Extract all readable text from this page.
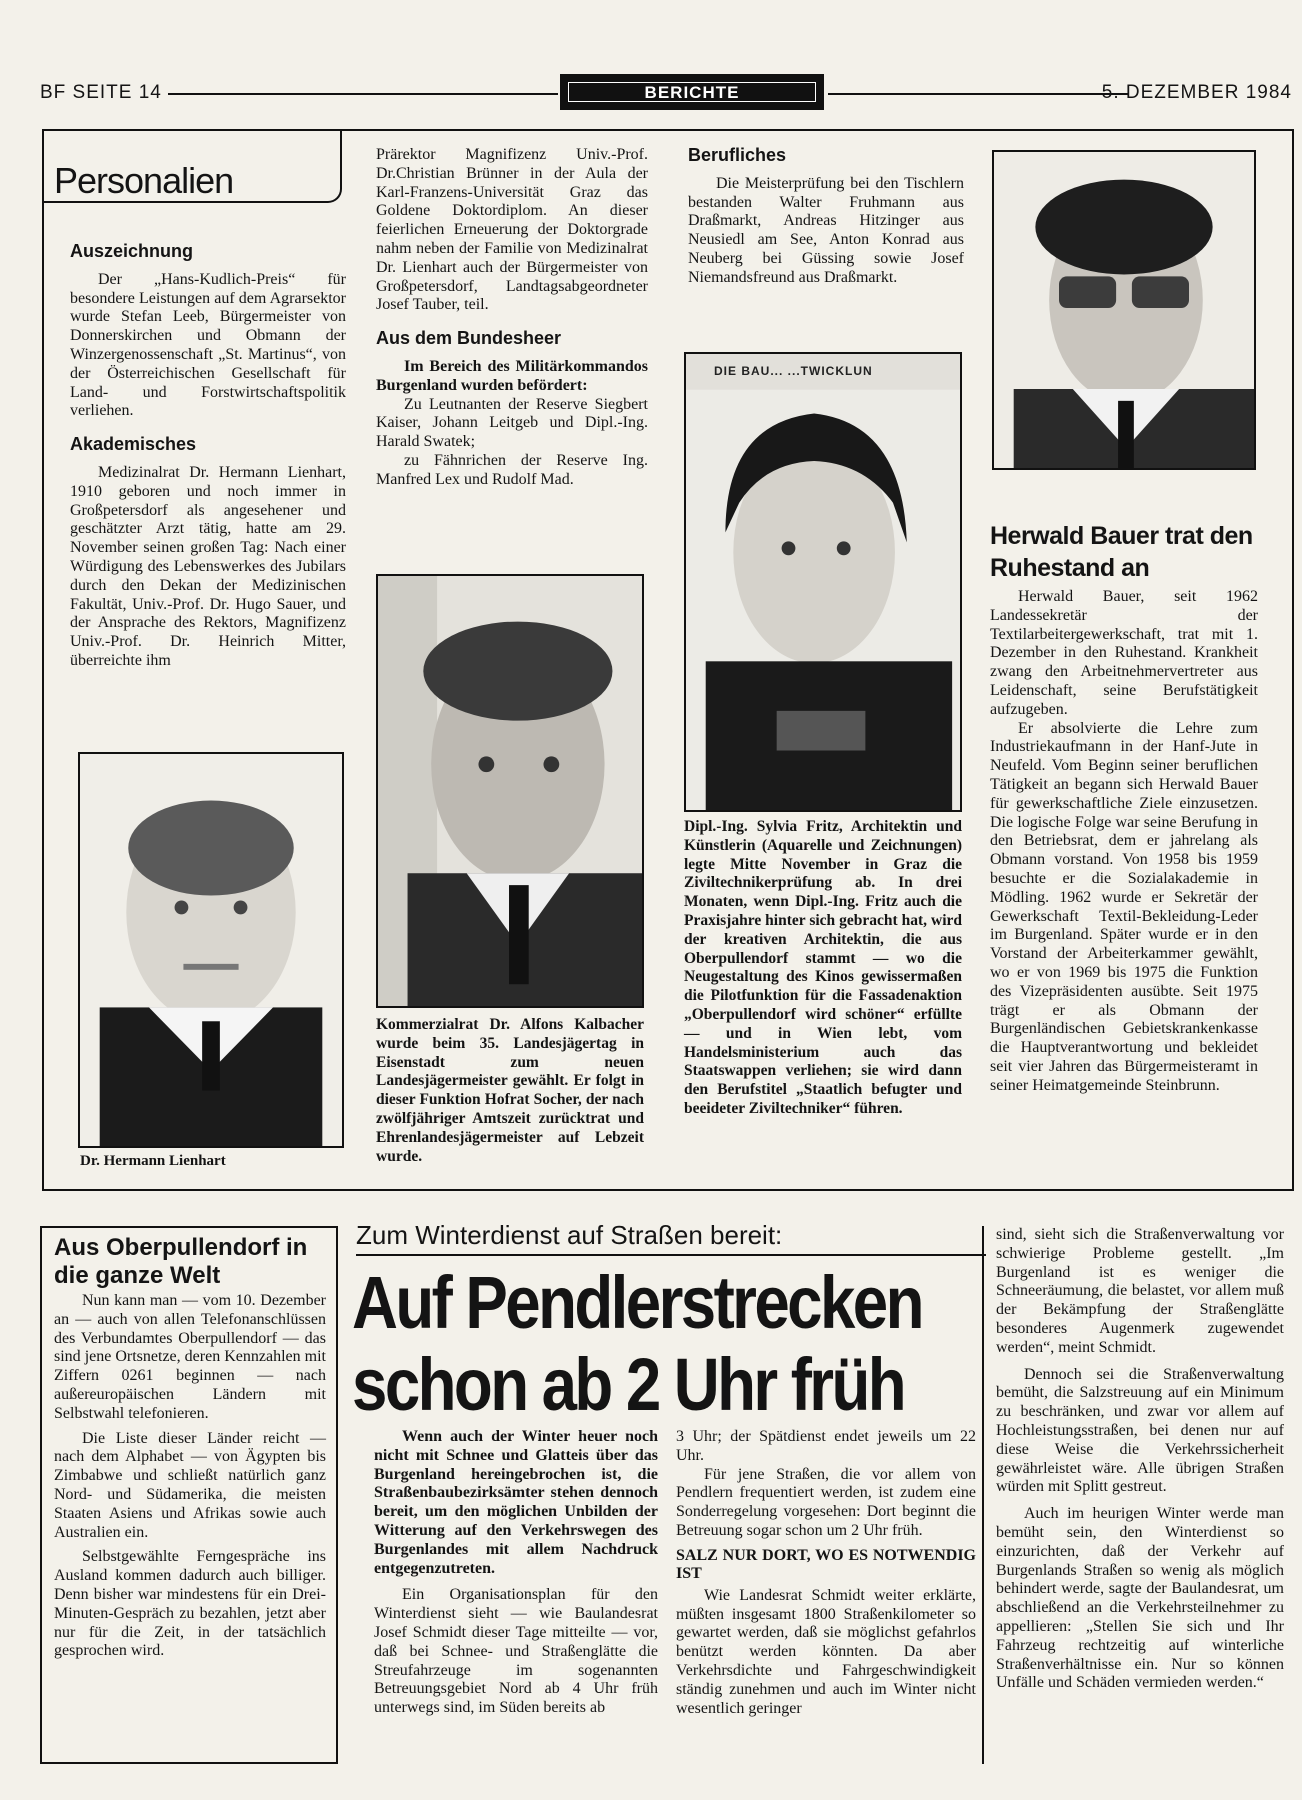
BF SEITE 14	BERICHTE	5. DEZEMBER 1984
Personalien
Auszeichnung

Der „Hans-Kudlich-Preis“ für besondere Leistungen auf dem Agrarsektor wurde Stefan Leeb, Bürgermeister von Donnerskirchen und Obmann der Winzergenossenschaft „St. Martinus“, von der Österreichischen Gesellschaft für Land- und Forstwirtschaftspolitik verliehen.

Akademisches

Medizinalrat Dr. Hermann Lienhart, 1910 geboren und noch immer in Großpetersdorf als angesehener und geschätzter Arzt tätig, hatte am 29. November seinen großen Tag: Nach einer Würdigung des Lebenswerkes des Jubilars durch den Dekan der Medizinischen Fakultät, Univ.-Prof. Dr. Hugo Sauer, und der Ansprache des Rektors, Magnifizenz Univ.-Prof. Dr. Heinrich Mitter, überreichte ihm

Dr. Hermann Lienhart

Prärektor Magnifizenz Univ.-Prof. Dr.Christian Brünner in der Aula der Karl-Franzens-Universität Graz das Goldene Doktordiplom. An dieser feierlichen Erneuerung der Doktorgrade nahm neben der Familie von Medizinalrat Dr. Lienhart auch der Bürgermeister von Großpetersdorf, Landtagsabgeordneter Josef Tauber, teil.

Aus dem Bundesheer

Im Bereich des Militärkommandos Burgenland wurden befördert:

Zu Leutnanten der Reserve Siegbert Kaiser, Johann Leitgeb und Dipl.-Ing. Harald Swatek;

zu Fähnrichen der Reserve Ing. Manfred Lex und Rudolf Mad.

Kommerzialrat Dr. Alfons Kalbacher wurde beim 35. Landesjägertag in Eisenstadt zum neuen Landesjägermeister gewählt. Er folgt in dieser Funktion Hofrat Socher, der nach zwölfjähriger Amtszeit zurücktrat und Ehrenlandesjägermeister auf Lebzeit wurde.
Berufliches

Die Meisterprüfung bei den Tischlern bestanden Walter Fruhmann aus Draßmarkt, Andreas Hitzinger aus Neusiedl am See, Anton Konrad aus Neuberg bei Güssing sowie Josef Niemandsfreund aus Draßmarkt.

DIE BAU... ...TWICKLUN
Dipl.-Ing. Sylvia Fritz, Architektin und Künstlerin (Aquarelle und Zeichnungen) legte Mitte November in Graz die Ziviltechnikerprüfung ab. In drei Monaten, wenn Dipl.-Ing. Fritz auch die Praxisjahre hinter sich gebracht hat, wird der kreativen Architektin, die aus Oberpullendorf stammt — wo die Neugestaltung des Kinos gewissermaßen die Pilotfunktion für die Fassadenaktion „Oberpullendorf wird schöner“ erfüllte — und in Wien lebt, vom Handelsministerium auch das Staatswappen verliehen; sie wird dann den Berufstitel „Staatlich befugter und beeideter Ziviltechniker“ führen.
Herwald Bauer trat den Ruhestand an

Herwald Bauer, seit 1962 Landessekretär der Textilarbeitergewerkschaft, trat mit 1. Dezember in den Ruhestand. Krankheit zwang den Arbeitnehmervertreter aus Leidenschaft, seine Berufstätigkeit aufzugeben.

Er absolvierte die Lehre zum Industriekaufmann in der Hanf-Jute in Neufeld. Vom Beginn seiner beruflichen Tätigkeit an begann sich Herwald Bauer für gewerkschaftliche Ziele einzusetzen. Die logische Folge war seine Berufung in den Betriebsrat, dem er jahrelang als Obmann vorstand. Von 1958 bis 1959 besuchte er die Sozialakademie in Mödling. 1962 wurde er Sekretär der Gewerkschaft Textil-Bekleidung-Leder im Burgenland. Später wurde er in den Vorstand der Arbeiterkammer gewählt, wo er von 1969 bis 1975 die Funktion des Vizepräsidenten ausübte. Seit 1975 trägt er als Obmann der Burgenländischen Gebietskrankenkasse die Hauptverantwortung und bekleidet seit vier Jahren das Bürgermeisteramt in seiner Heimatgemeinde Steinbrunn.

Aus Oberpullendorf in die ganze Welt

Nun kann man — vom 10. Dezember an — auch von allen Telefonanschlüssen des Verbundamtes Oberpullendorf — das sind jene Ortsnetze, deren Kennzahlen mit Ziffern 0261 beginnen — nach außereuropäischen Ländern mit Selbstwahl telefonieren.

Die Liste dieser Länder reicht — nach dem Alphabet — von Ägypten bis Zimbabwe und schließt natürlich ganz Nord- und Südamerika, die meisten Staaten Asiens und Afrikas sowie auch Australien ein.

Selbstgewählte Ferngespräche ins Ausland kommen dadurch auch billiger. Denn bisher war mindestens für ein Drei-Minuten-Gespräch zu bezahlen, jetzt aber nur für die Zeit, in der tatsächlich gesprochen wird.

Zum Winterdienst auf Straßen bereit:
Auf Pendlerstrecken
schon ab 2 Uhr früh

Wenn auch der Winter heuer noch nicht mit Schnee und Glatteis über das Burgenland hereingebrochen ist, die Straßenbaubezirksämter stehen dennoch bereit, um den möglichen Unbilden der Witterung auf den Verkehrswegen des Burgenlandes mit allem Nachdruck entgegenzutreten.

Ein Organisationsplan für den Winterdienst sieht — wie Baulandesrat Josef Schmidt dieser Tage mitteilte — vor, daß bei Schnee- und Straßenglätte die Streufahrzeuge im sogenannten Betreuungsgebiet Nord ab 4 Uhr früh unterwegs sind, im Süden bereits ab

3 Uhr; der Spätdienst endet jeweils um 22 Uhr.

Für jene Straßen, die vor allem von Pendlern frequentiert werden, ist zudem eine Sonderregelung vorgesehen: Dort beginnt die Betreuung sogar schon um 2 Uhr früh.

SALZ NUR DORT, WO ES NOTWENDIG IST

Wie Landesrat Schmidt weiter erklärte, müßten insgesamt 1800 Straßenkilometer so gewartet werden, daß sie möglichst gefahrlos benützt werden könnten. Da aber Verkehrsdichte und Fahrgeschwindigkeit ständig zunehmen und auch im Winter nicht wesentlich geringer

sind, sieht sich die Straßenverwaltung vor schwierige Probleme gestellt. „Im Burgenland ist es weniger die Schneeräumung, die belastet, vor allem muß der Bekämpfung der Straßenglätte besonderes Augenmerk zugewendet werden“, meint Schmidt.

Dennoch sei die Straßenverwaltung bemüht, die Salzstreuung auf ein Minimum zu beschränken, und zwar vor allem auf Hochleistungsstraßen, bei denen nur auf diese Weise die Verkehrssicherheit gewährleistet wäre. Alle übrigen Straßen würden mit Splitt gestreut.

Auch im heurigen Winter werde man bemüht sein, den Winterdienst so einzurichten, daß der Verkehr auf Burgenlands Straßen so wenig als möglich behindert werde, sagte der Baulandesrat, um abschließend an die Verkehrsteilnehmer zu appellieren: „Stellen Sie sich und Ihr Fahrzeug rechtzeitig auf winterliche Straßenverhältnisse ein. Nur so können Unfälle und Schäden vermieden werden.“
